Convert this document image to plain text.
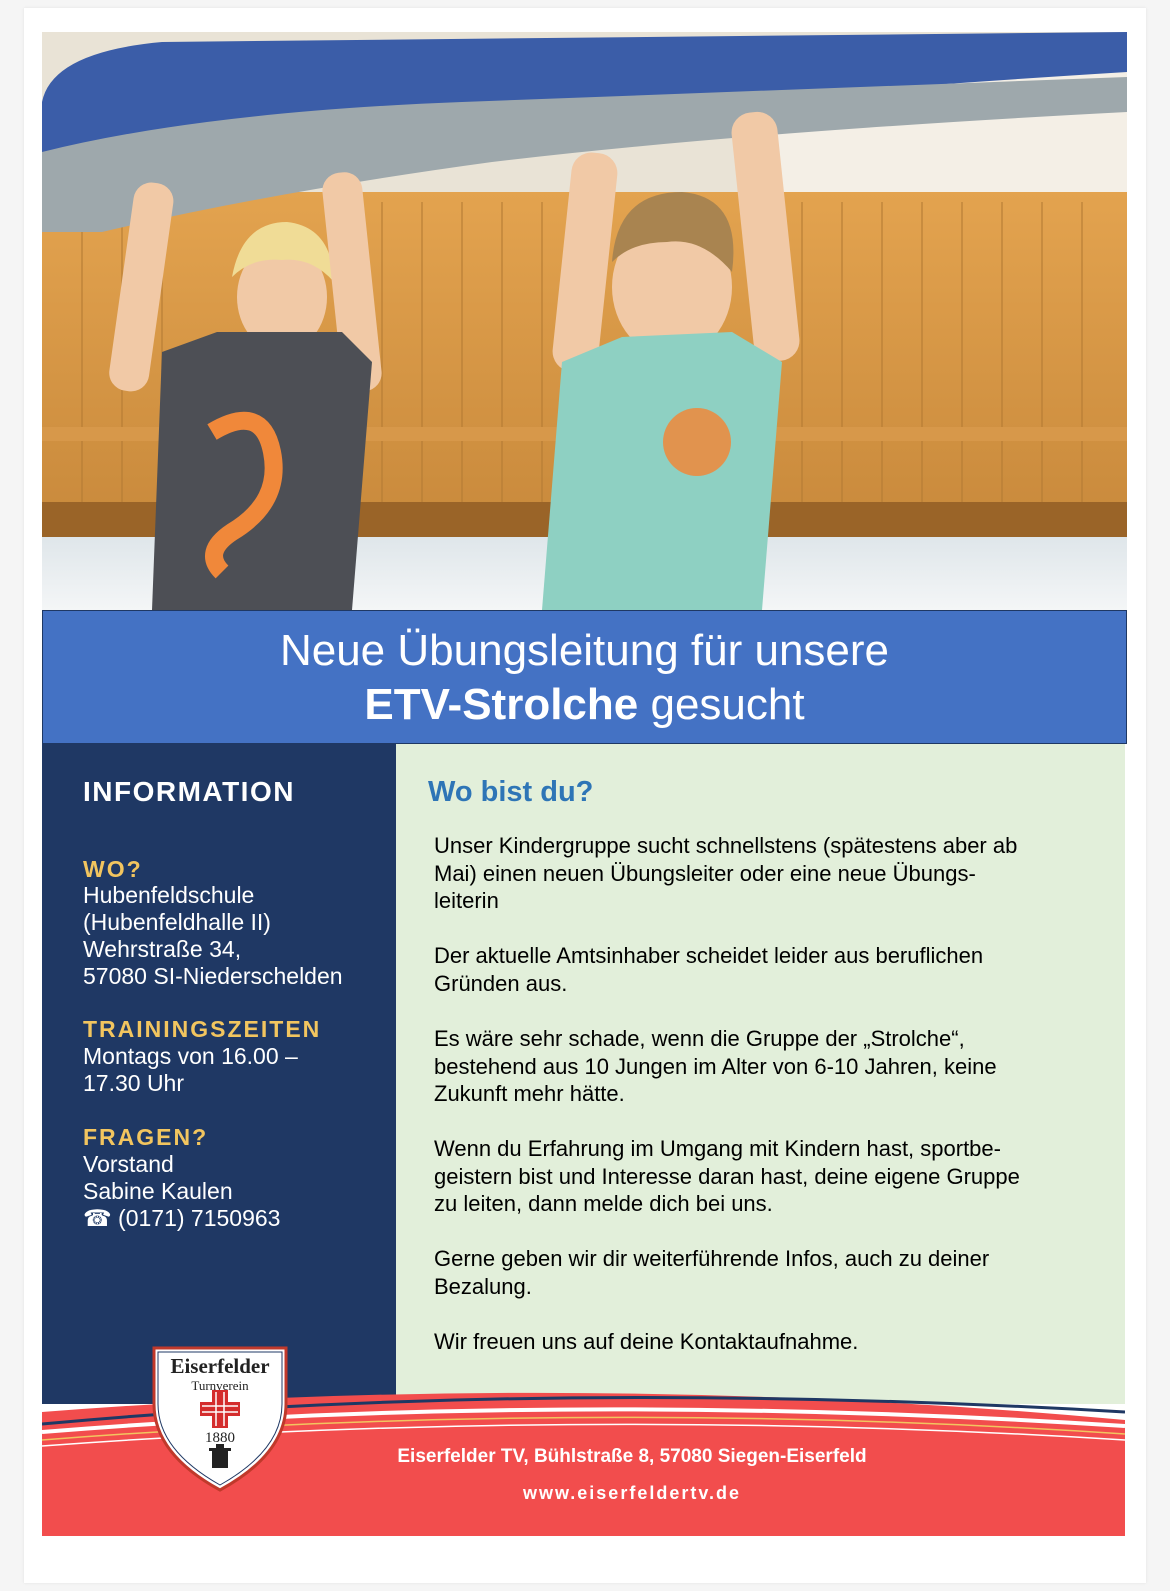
Neue Übungsleitung für unsere
ETV-Strolche gesucht
INFORMATION
WO?
Hubenfeldschule
(Hubenfeldhalle II)
Wehrstraße 34,
57080 SI-Niederschelden
TRAININGSZEITEN
Montags von 16.00 –
17.30 Uhr
FRAGEN?
Vorstand
Sabine Kaulen
☎ (0171) 7150963
Wo bist du?
Unser Kindergruppe sucht schnellstens (spätestens aber ab
Mai) einen neuen Übungsleiter oder eine neue Übungs-
leiterin
Der aktuelle Amtsinhaber scheidet leider aus beruflichen
Gründen aus.
Es wäre sehr schade, wenn die Gruppe der „Strolche“,
bestehend aus 10 Jungen im Alter von 6-10 Jahren, keine
Zukunft mehr hätte.
Wenn du Erfahrung im Umgang mit Kindern hast, sportbe-
geistern bist und Interesse daran hast, deine eigene Gruppe
zu leiten, dann melde dich bei uns.
Gerne geben wir dir weiterführende Infos, auch zu deiner
Bezalung.
Wir freuen uns auf deine Kontaktaufnahme.
Eiserfelder TV, Bühlstraße 8, 57080 Siegen-Eiserfeld
www.eiserfeldertv.de
Eiserfelder
Turnverein
1880
